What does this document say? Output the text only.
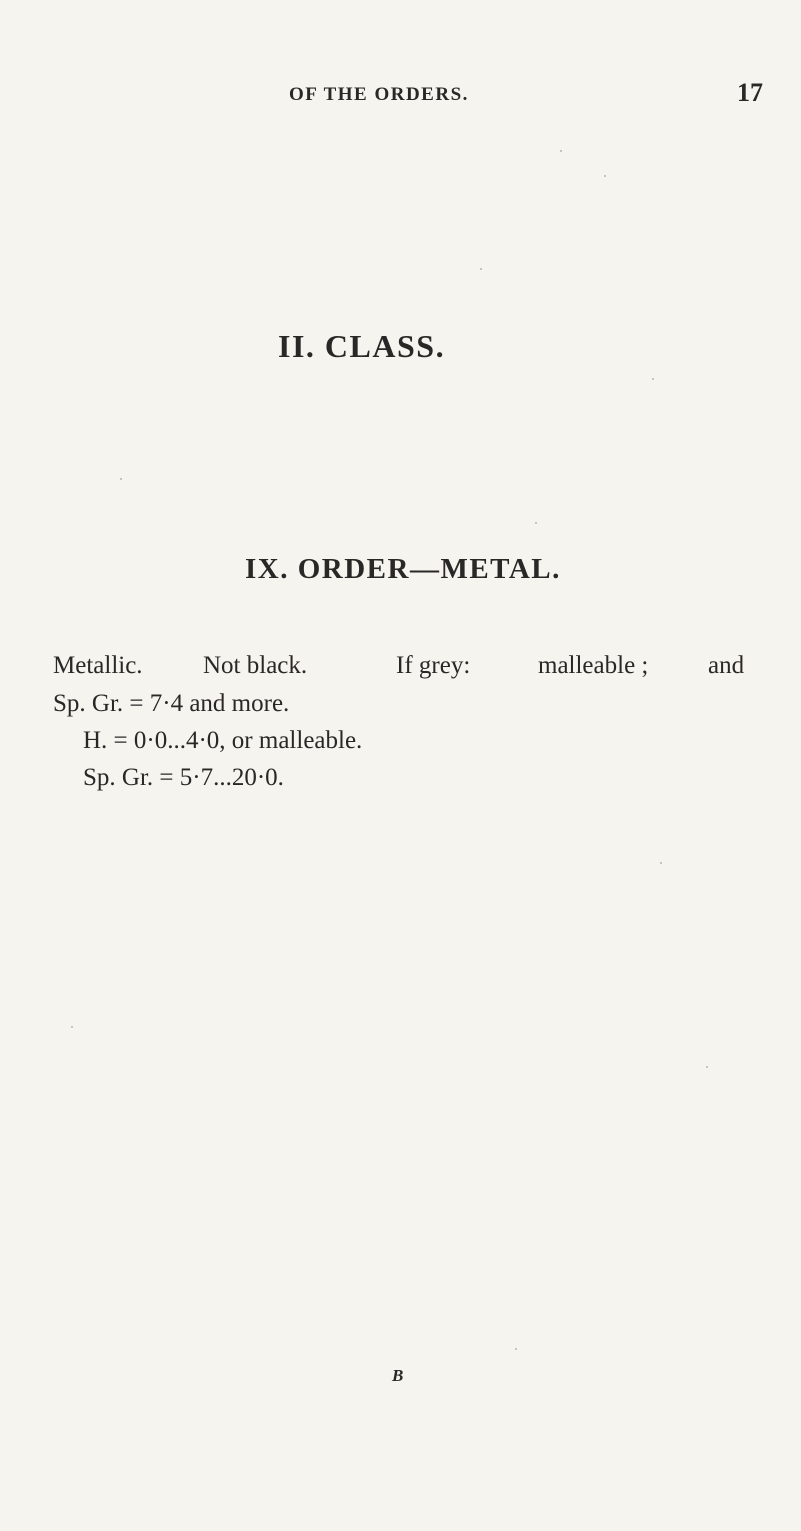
OF THE ORDERS.	17
II. CLASS.
IX. ORDER—METAL.
Metallic. Not black.	If grey:	malleable ; and
Sp. Gr. = 7·4 and more.
H. = 0·0...4·0, or malleable.
Sp. Gr. = 5·7...20·0.
B
